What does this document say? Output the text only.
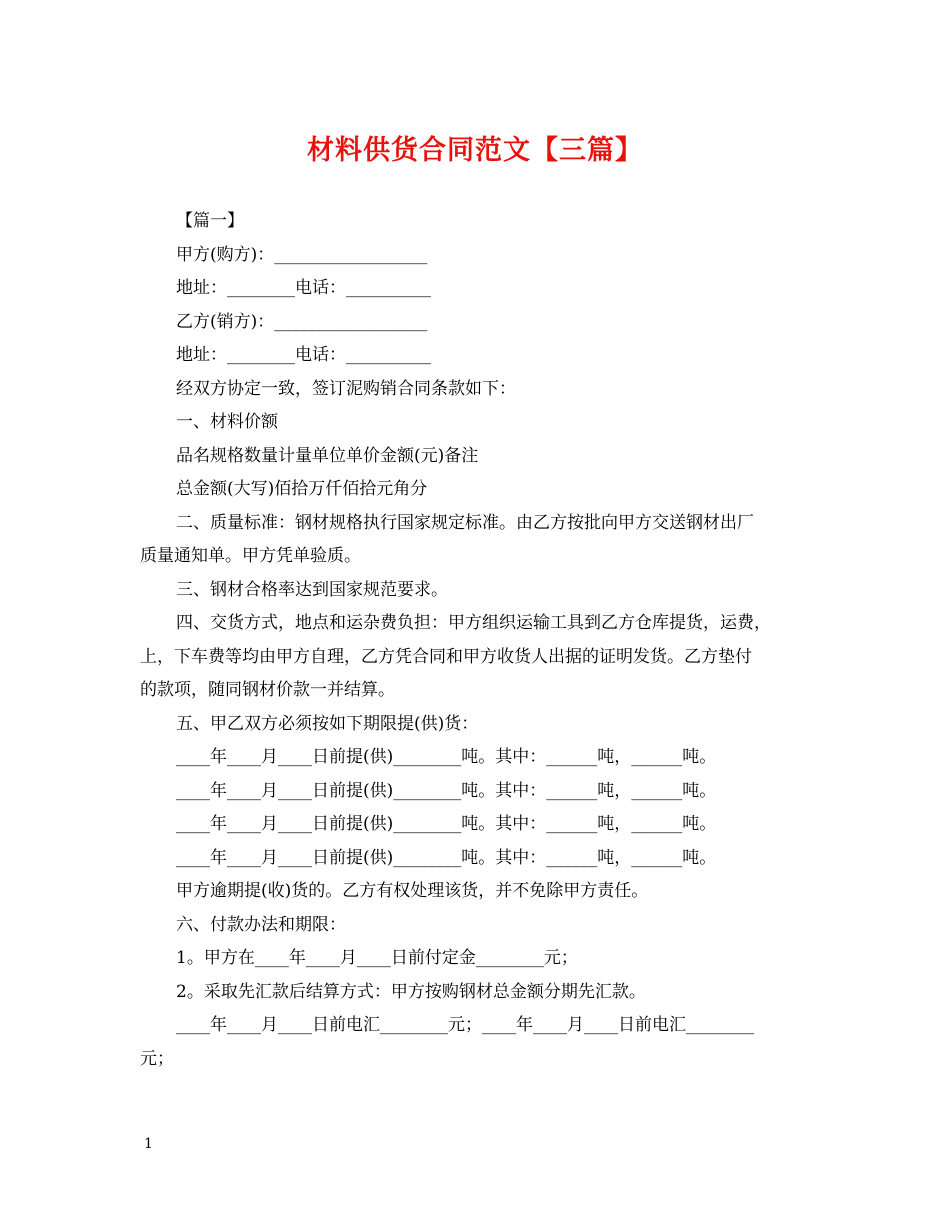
材料供货合同范文【三篇】
【篇一】
甲方(购方)：__________________
地址：________电话：__________
乙方(销方)：__________________
地址：________电话：__________
经双方协定一致，签订泥购销合同条款如下：
一、材料价额
品名规格数量计量单位单价金额(元)备注
总金额(大写)佰拾万仟佰拾元角分
二、质量标准：钢材规格执行国家规定标准。由乙方按批向甲方交送钢材出厂
质量通知单。甲方凭单验质。
三、钢材合格率达到国家规范要求。
四、交货方式，地点和运杂费负担：甲方组织运输工具到乙方仓库提货，运费，
上，下车费等均由甲方自理，乙方凭合同和甲方收货人出据的证明发货。乙方垫付
的款项，随同钢材价款一并结算。
五、甲乙双方必须按如下期限提(供)货：
____年____月____日前提(供)________吨。其中：______吨，______吨。
____年____月____日前提(供)________吨。其中：______吨，______吨。
____年____月____日前提(供)________吨。其中：______吨，______吨。
____年____月____日前提(供)________吨。其中：______吨，______吨。
甲方逾期提(收)货的。乙方有权处理该货，并不免除甲方责任。
六、付款办法和期限：
1。甲方在____年____月____日前付定金________元；
2。采取先汇款后结算方式：甲方按购钢材总金额分期先汇款。
____年____月____日前电汇________元；____年____月____日前电汇________
元；
1
